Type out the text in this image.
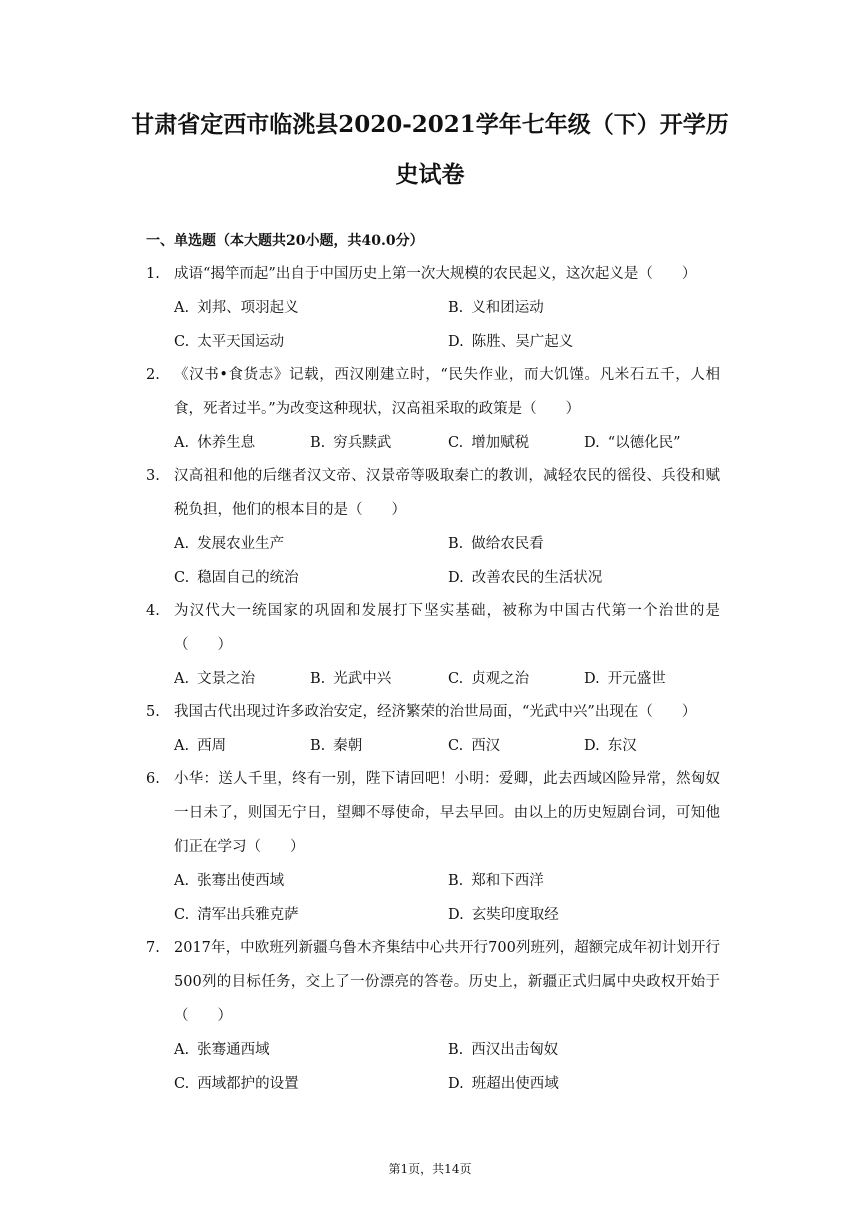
甘肃省定西市临洮县2020-2021学年七年级（下）开学历史试卷
一、单选题（本大题共20小题，共40.0分）
1. 成语“揭竿而起”出自于中国历史上第一次大规模的农民起义，这次起义是（　　）
A. 刘邦、项羽起义	B. 义和团运动
C. 太平天国运动	D. 陈胜、吴广起义
2. 《汉书•食货志》记载，西汉刚建立时，“民失作业，而大饥馑。凡米石五千，人相食，死者过半。”为改变这种现状，汉高祖采取的政策是（　　）
A. 休养生息	B. 穷兵黩武	C. 增加赋税	D. “以德化民”
3. 汉高祖和他的后继者汉文帝、汉景帝等吸取秦亡的教训，减轻农民的徭役、兵役和赋税负担，他们的根本目的是（　　）
A. 发展农业生产	B. 做给农民看
C. 稳固自己的统治	D. 改善农民的生活状况
4. 为汉代大一统国家的巩固和发展打下坚实基础，被称为中国古代第一个治世的是（　　）
A. 文景之治	B. 光武中兴	C. 贞观之治	D. 开元盛世
5. 我国古代出现过许多政治安定，经济繁荣的治世局面，“光武中兴”出现在（　　）
A. 西周	B. 秦朝	C. 西汉	D. 东汉
6. 小华：送人千里，终有一别，陛下请回吧！小明：爱卿，此去西域凶险异常，然匈奴一日未了，则国无宁日，望卿不辱使命，早去早回。由以上的历史短剧台词，可知他们正在学习（　　）
A. 张骞出使西域	B. 郑和下西洋
C. 清军出兵雅克萨	D. 玄奘印度取经
7. 2017年，中欧班列新疆乌鲁木齐集结中心共开行700列班列，超额完成年初计划开行500列的目标任务，交上了一份漂亮的答卷。历史上，新疆正式归属中央政权开始于（　　）
A. 张骞通西域	B. 西汉出击匈奴
C. 西域都护的设置	D. 班超出使西域
第1页，共14页
